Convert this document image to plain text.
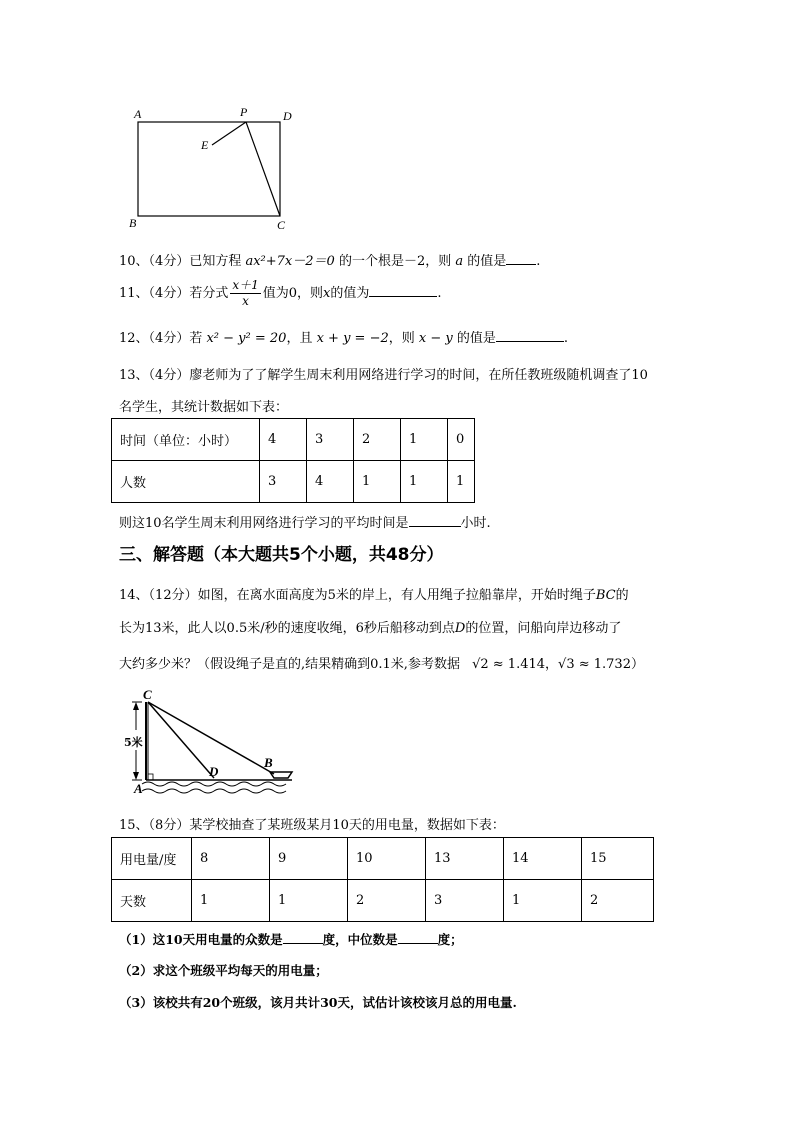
A	P	D
E
B	C
10、（4分）已知方程 ax²+7x－2＝0 的一个根是－2，则 a 的值是 .
11、（4分）若分式 $\frac{x+1}{x}$ 值为0，则x的值为	.
12、（4分）若 x² − y² = 20，且 x + y = −2，则 x − y 的值是	.
13、（4分）廖老师为了了解学生周末利用网络进行学习的时间，在所任教班级随机调查了10
名学生，其统计数据如下表：
时间（单位：小时）	4	3	2	1	0
人数	3	4	1	1	1
则这10名学生周末利用网络进行学习的平均时间是	小时.
三、解答题（本大题共5个小题，共48分）
14、（12分）如图，在离水面高度为5米的岸上，有人用绳子拉船靠岸，开始时绳子BC的
长为13米，此人以0.5米/秒的速度收绳，6秒后船移动到点D的位置，问船向岸边移动了
大约多少米？（假设绳子是直的,结果精确到0.1米,参考数据 √2 ≈ 1.414，√3 ≈ 1.732）
C
5米
D
B
A
15、（8分）某学校抽查了某班级某月10天的用电量，数据如下表：
用电量/度	8	9	10	13	14	15
天数	1	1	2	3	1	2
（1）这10天用电量的众数是	度，中位数是	度；
（2）求这个班级平均每天的用电量；
（3）该校共有20个班级，该月共计30天，试估计该校该月总的用电量.
